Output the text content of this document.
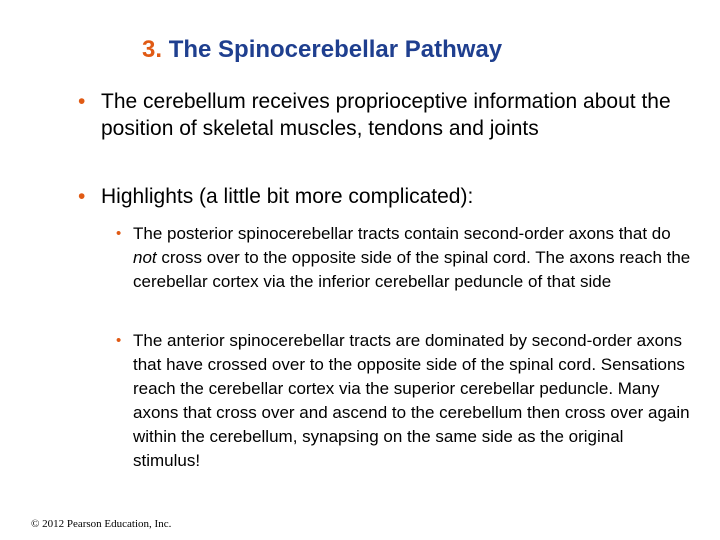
3. The Spinocerebellar Pathway
• The cerebellum receives proprioceptive information about the position of skeletal muscles, tendons and joints
• Highlights (a little bit more complicated):
• The posterior spinocerebellar tracts contain second-order axons that do not cross over to the opposite side of the spinal cord. The axons reach the cerebellar cortex via the inferior cerebellar peduncle of that side
• The anterior spinocerebellar tracts are dominated by second-order axons that have crossed over to the opposite side of the spinal cord. Sensations reach the cerebellar cortex via the superior cerebellar peduncle. Many axons that cross over and ascend to the cerebellum then cross over again within the cerebellum, synapsing on the same side as the original stimulus!
© 2012 Pearson Education, Inc.
